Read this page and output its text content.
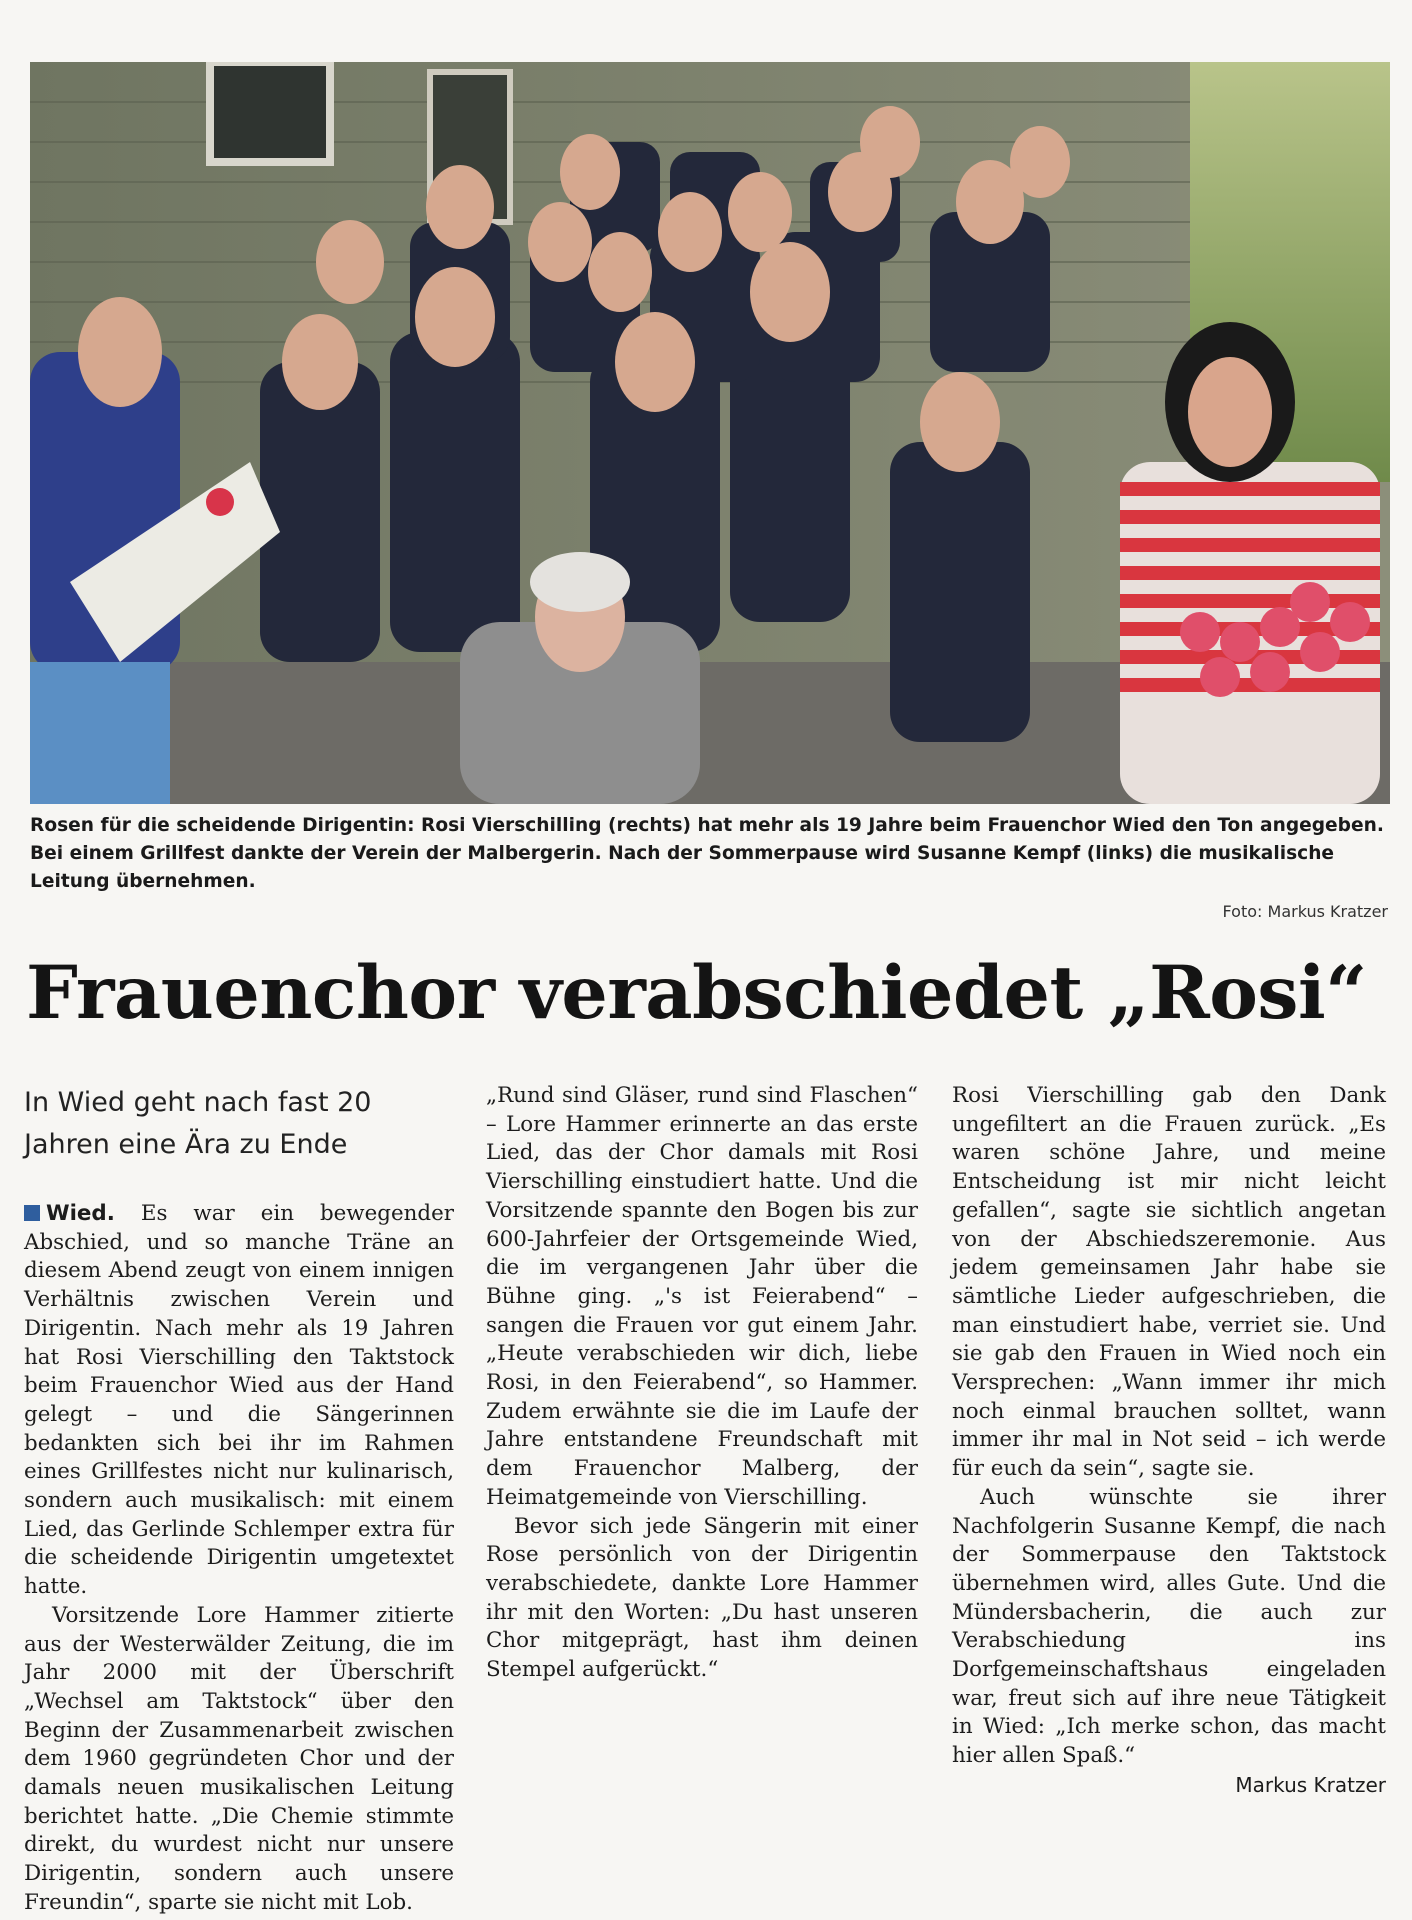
Rosen für die scheidende Dirigentin: Rosi Vierschilling (rechts) hat mehr als 19 Jahre beim Frauenchor Wied den Ton angegeben. Bei einem Grillfest dankte der Verein der Malbergerin. Nach der Sommerpause wird Susanne Kempf (links) die musikalische Leitung übernehmen.
Foto: Markus Kratzer
Frauenchor verabschiedet „Rosi“
In Wied geht nach fast 20 Jahren eine Ära zu Ende

Wied. Es war ein bewegender Abschied, und so manche Träne an diesem Abend zeugt von einem innigen Verhältnis zwischen Verein und Dirigentin. Nach mehr als 19 Jahren hat Rosi Vierschilling den Taktstock beim Frauenchor Wied aus der Hand gelegt – und die Sängerinnen bedankten sich bei ihr im Rahmen eines Grillfestes nicht nur kulinarisch, sondern auch musikalisch: mit einem Lied, das Gerlinde Schlemper extra für die scheidende Dirigentin umgetextet hatte.

Vorsitzende Lore Hammer zitierte aus der Westerwälder Zeitung, die im Jahr 2000 mit der Überschrift „Wechsel am Taktstock“ über den Beginn der Zusammenarbeit zwischen dem 1960 gegründeten Chor und der damals neuen musikalischen Leitung berichtet hatte. „Die Chemie stimmte direkt, du wurdest nicht nur unsere Dirigentin, sondern auch unsere Freundin“, sparte sie nicht mit Lob.

„Rund sind Gläser, rund sind Flaschen“ – Lore Hammer erinnerte an das erste Lied, das der Chor damals mit Rosi Vierschilling einstudiert hatte. Und die Vorsitzende spannte den Bogen bis zur 600-Jahrfeier der Ortsgemeinde Wied, die im vergangenen Jahr über die Bühne ging. „'s ist Feierabend“ – sangen die Frauen vor gut einem Jahr. „Heute verabschieden wir dich, liebe Rosi, in den Feierabend“, so Hammer. Zudem erwähnte sie die im Laufe der Jahre entstandene Freundschaft mit dem Frauenchor Malberg, der Heimatgemeinde von Vierschilling.

Bevor sich jede Sängerin mit einer Rose persönlich von der Dirigentin verabschiedete, dankte Lore Hammer ihr mit den Worten: „Du hast unseren Chor mitgeprägt, hast ihm deinen Stempel aufgerückt.“

Rosi Vierschilling gab den Dank ungefiltert an die Frauen zurück. „Es waren schöne Jahre, und meine Entscheidung ist mir nicht leicht gefallen“, sagte sie sichtlich angetan von der Abschiedszeremonie. Aus jedem gemeinsamen Jahr habe sie sämtliche Lieder aufgeschrieben, die man einstudiert habe, verriet sie. Und sie gab den Frauen in Wied noch ein Versprechen: „Wann immer ihr mich noch einmal brauchen solltet, wann immer ihr mal in Not seid – ich werde für euch da sein“, sagte sie.

Auch wünschte sie ihrer Nachfolgerin Susanne Kempf, die nach der Sommerpause den Taktstock übernehmen wird, alles Gute. Und die Mündersbacherin, die auch zur Verabschiedung ins Dorfgemeinschaftshaus eingeladen war, freut sich auf ihre neue Tätigkeit in Wied: „Ich merke schon, das macht hier allen Spaß.“

Markus Kratzer
